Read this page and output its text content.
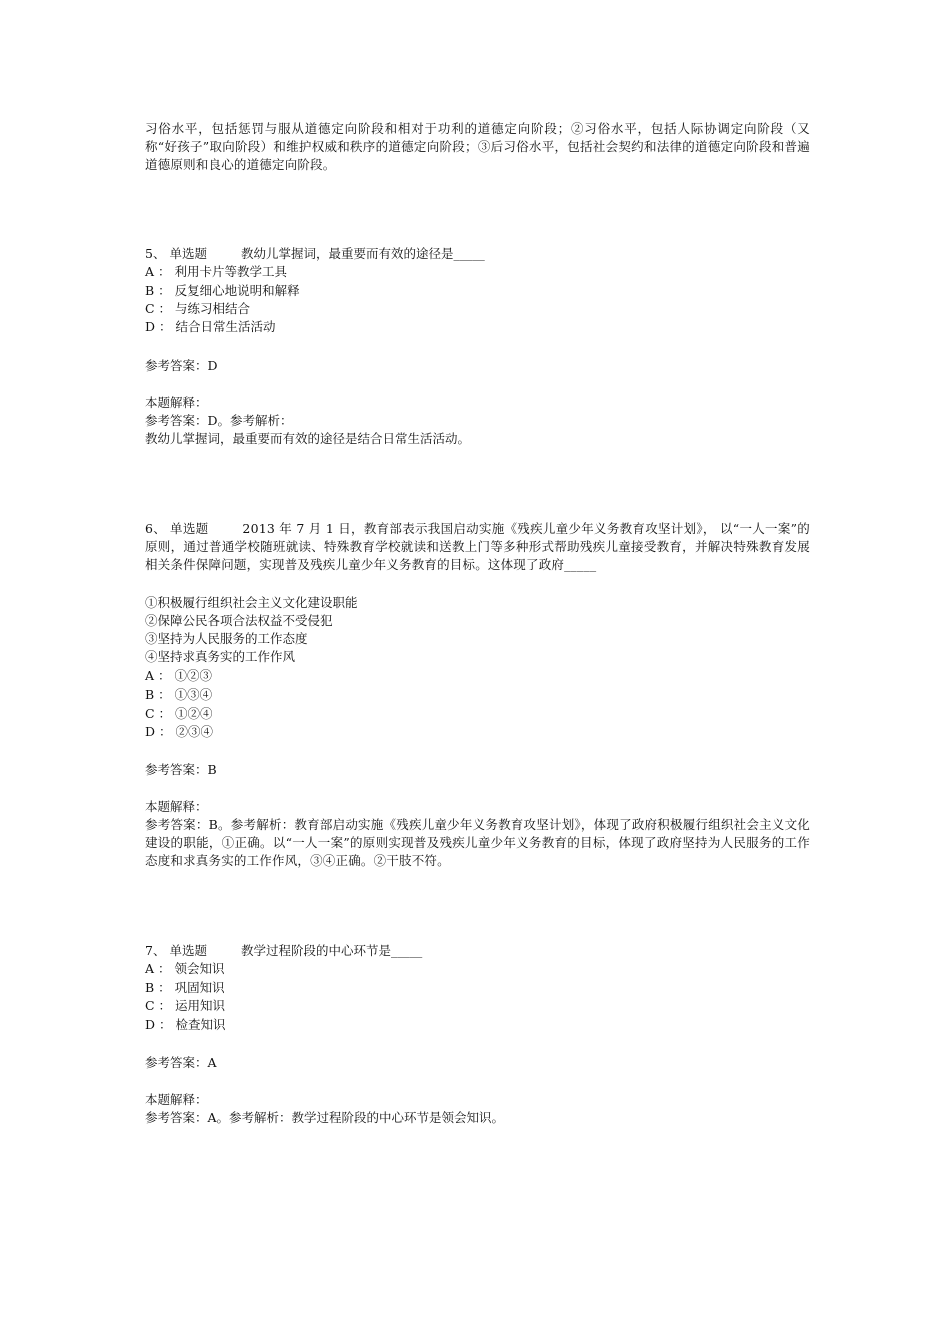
习俗水平，包括惩罚与服从道德定向阶段和相对于功利的道德定向阶段；②习俗水平，包括人际协调定向阶段（又称“好孩子”取向阶段）和维护权威和秩序的道德定向阶段；③后习俗水平，包括社会契约和法律的道德定向阶段和普遍道德原则和良心的道德定向阶段。
5、 单选题	教幼儿掌握词，最重要而有效的途径是_____
A ： 利用卡片等教学工具
B ： 反复细心地说明和解释
C ： 与练习相结合
D ： 结合日常生活活动
参考答案：D
本题解释：
参考答案：D。参考解析：
教幼儿掌握词，最重要而有效的途径是结合日常生活活动。
6、 单选题	2013 年 7 月 1 日，教育部表示我国启动实施《残疾儿童少年义务教育攻坚计划》， 以“一人一案”的原则，通过普通学校随班就读、特殊教育学校就读和送教上门等多种形式帮助残疾儿童接受教育，并解决特殊教育发展相关条件保障问题，实现普及残疾儿童少年义务教育的目标。这体现了政府_____
①积极履行组织社会主义文化建设职能
②保障公民各项合法权益不受侵犯
③坚持为人民服务的工作态度
④坚持求真务实的工作作风
A ： ①②③
B ： ①③④
C ： ①②④
D ： ②③④
参考答案：B
本题解释：
参考答案：B。参考解析：教育部启动实施《残疾儿童少年义务教育攻坚计划》，体现了政府积极履行组织社会主义文化建设的职能，①正确。以“一人一案”的原则实现普及残疾儿童少年义务教育的目标，体现了政府坚持为人民服务的工作态度和求真务实的工作作风，③④正确。②干肢不符。
7、 单选题	教学过程阶段的中心环节是_____
A ： 领会知识
B ： 巩固知识
C ： 运用知识
D ： 检查知识
参考答案：A
本题解释：
参考答案：A。参考解析：教学过程阶段的中心环节是领会知识。
